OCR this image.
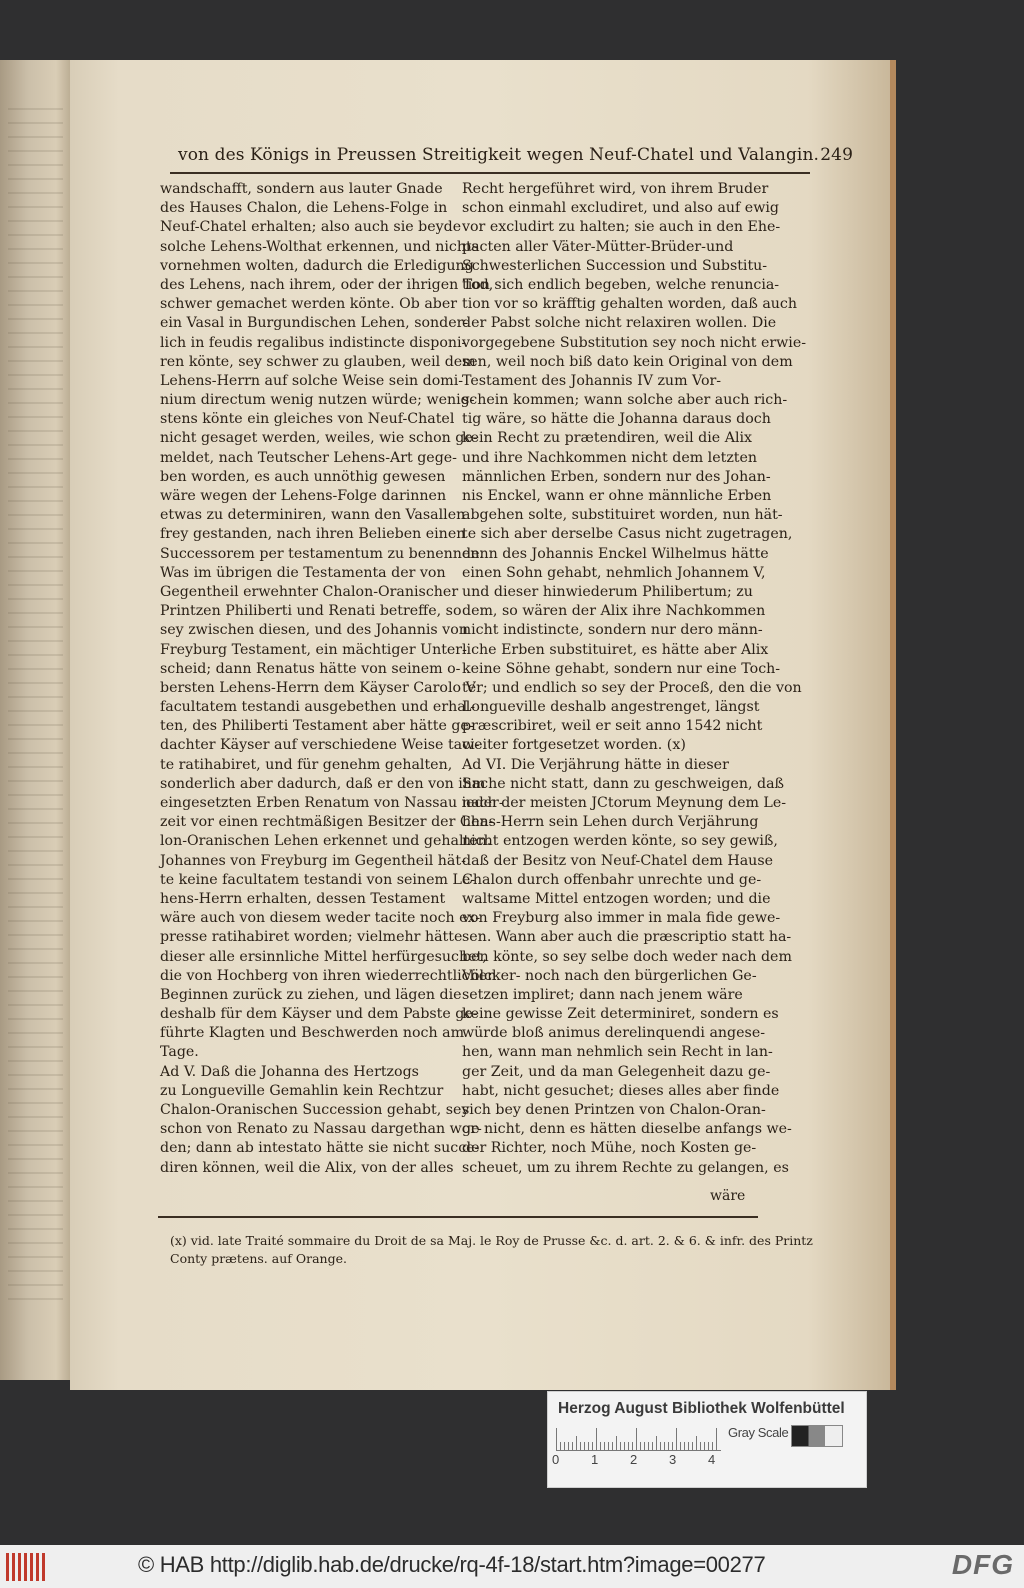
von des Königs in Preussen Streitigkeit wegen Neuf-Chatel und Valangin. 249
wandschafft, sondern aus lauter Gnade
des Hauses Chalon, die Lehens-Folge in
Neuf-Chatel erhalten; also auch sie beyde
solche Lehens-Wolthat erkennen, und nichts
vornehmen wolten, dadurch die Erledigung
des Lehens, nach ihrem, oder der ihrigen Tod,
schwer gemachet werden könte. Ob aber
ein Vasal in Burgundischen Lehen, sonder-
lich in feudis regalibus indistincte disponi-
ren könte, sey schwer zu glauben, weil dem
Lehens-Herrn auf solche Weise sein domi-
nium directum wenig nutzen würde; wenig-
stens könte ein gleiches von Neuf-Chatel
nicht gesaget werden, weiles, wie schon ge-
meldet, nach Teutscher Lehens-Art gege-
ben worden, es auch unnöthig gewesen
wäre wegen der Lehens-Folge darinnen
etwas zu determiniren, wann den Vasallen
frey gestanden, nach ihren Belieben einen
Successorem per testamentum zu benennen.
Was im übrigen die Testamenta der von
Gegentheil erwehnter Chalon-Oranischer
Printzen Philiberti und Renati betreffe, so
sey zwischen diesen, und des Johannis von
Freyburg Testament, ein mächtiger Unter-
scheid; dann Renatus hätte von seinem o-
bersten Lehens-Herrn dem Käyser Carolo V
facultatem testandi ausgebethen und erhal-
ten, des Philiberti Testament aber hätte ge-
dachter Käyser auf verschiedene Weise taci-
te ratihabiret, und für genehm gehalten,
sonderlich aber dadurch, daß er den von ihm
eingesetzten Erben Renatum von Nassau ieder-
zeit vor einen rechtmäßigen Besitzer der Cha-
lon-Oranischen Lehen erkennet und gehalten.
Johannes von Freyburg im Gegentheil hät-
te keine facultatem testandi von seinem Le-
hens-Herrn erhalten, dessen Testament
wäre auch von diesem weder tacite noch ex-
presse ratihabiret worden; vielmehr hätte
dieser alle ersinnliche Mittel herfürgesuchet,
die von Hochberg von ihren wiederrechtlichen
Beginnen zurück zu ziehen, und lägen die
deshalb für dem Käyser und dem Pabste ge-
führte Klagten und Beschwerden noch am
Tage.
Ad V. Daß die Johanna des Hertzogs
zu Longueville Gemahlin kein Rechtzur
Chalon-Oranischen Succession gehabt, sey
schon von Renato zu Nassau dargethan wor-
den; dann ab intestato hätte sie nicht succe-
diren können, weil die Alix, von der alles
Recht hergeführet wird, von ihrem Bruder
schon einmahl excludiret, und also auf ewig
vor excludirt zu halten; sie auch in den Ehe-
pacten aller Väter-Mütter-Brüder-und
Schwesterlichen Succession und Substitu-
tion sich endlich begeben, welche renuncia-
tion vor so kräfftig gehalten worden, daß auch
der Pabst solche nicht relaxiren wollen. Die
vorgegebene Substitution sey noch nicht erwie-
sen, weil noch biß dato kein Original von dem
Testament des Johannis IV zum Vor-
schein kommen; wann solche aber auch rich-
tig wäre, so hätte die Johanna daraus doch
kein Recht zu prætendiren, weil die Alix
und ihre Nachkommen nicht dem letzten
männlichen Erben, sondern nur des Johan-
nis Enckel, wann er ohne männliche Erben
abgehen solte, substituiret worden, nun hät-
te sich aber derselbe Casus nicht zugetragen,
denn des Johannis Enckel Wilhelmus hätte
einen Sohn gehabt, nehmlich Johannem V,
und dieser hinwiederum Philibertum; zu
dem, so wären der Alix ihre Nachkommen
nicht indistincte, sondern nur dero männ-
liche Erben substituiret, es hätte aber Alix
keine Söhne gehabt, sondern nur eine Toch-
ter; und endlich so sey der Proceß, den die von
Longueville deshalb angestrenget, längst
præscribiret, weil er seit anno 1542 nicht
weiter fortgesetzet worden. (x)
Ad VI. Die Verjährung hätte in dieser
Sache nicht statt, dann zu geschweigen, daß
nach der meisten JCtorum Meynung dem Le-
hens-Herrn sein Lehen durch Verjährung
nicht entzogen werden könte, so sey gewiß,
daß der Besitz von Neuf-Chatel dem Hause
Chalon durch offenbahr unrechte und ge-
waltsame Mittel entzogen worden; und die
von Freyburg also immer in mala fide gewe-
sen. Wann aber auch die præscriptio statt ha-
ben könte, so sey selbe doch weder nach dem
Völcker- noch nach den bürgerlichen Ge-
setzen impliret; dann nach jenem wäre
keine gewisse Zeit determiniret, sondern es
würde bloß animus derelinquendi angese-
hen, wann man nehmlich sein Recht in lan-
ger Zeit, und da man Gelegenheit dazu ge-
habt, nicht gesuchet; dieses alles aber finde
sich bey denen Printzen von Chalon-Oran-
ge nicht, denn es hätten dieselbe anfangs we-
der Richter, noch Mühe, noch Kosten ge-
scheuet, um zu ihrem Rechte zu gelangen, es
wäre
(x) vid. late Traité sommaire du Droit de sa Maj. le Roy de Prusse &c. d. art. 2. & 6. & infr. des Printz
Conty prætens. auf Orange.
Herzog August Bibliothek Wolfenbüttel
0 1 2 3 4
Gray Scale
© HAB http://diglib.hab.de/drucke/rq-4f-18/start.htm?image=00277	DFG
